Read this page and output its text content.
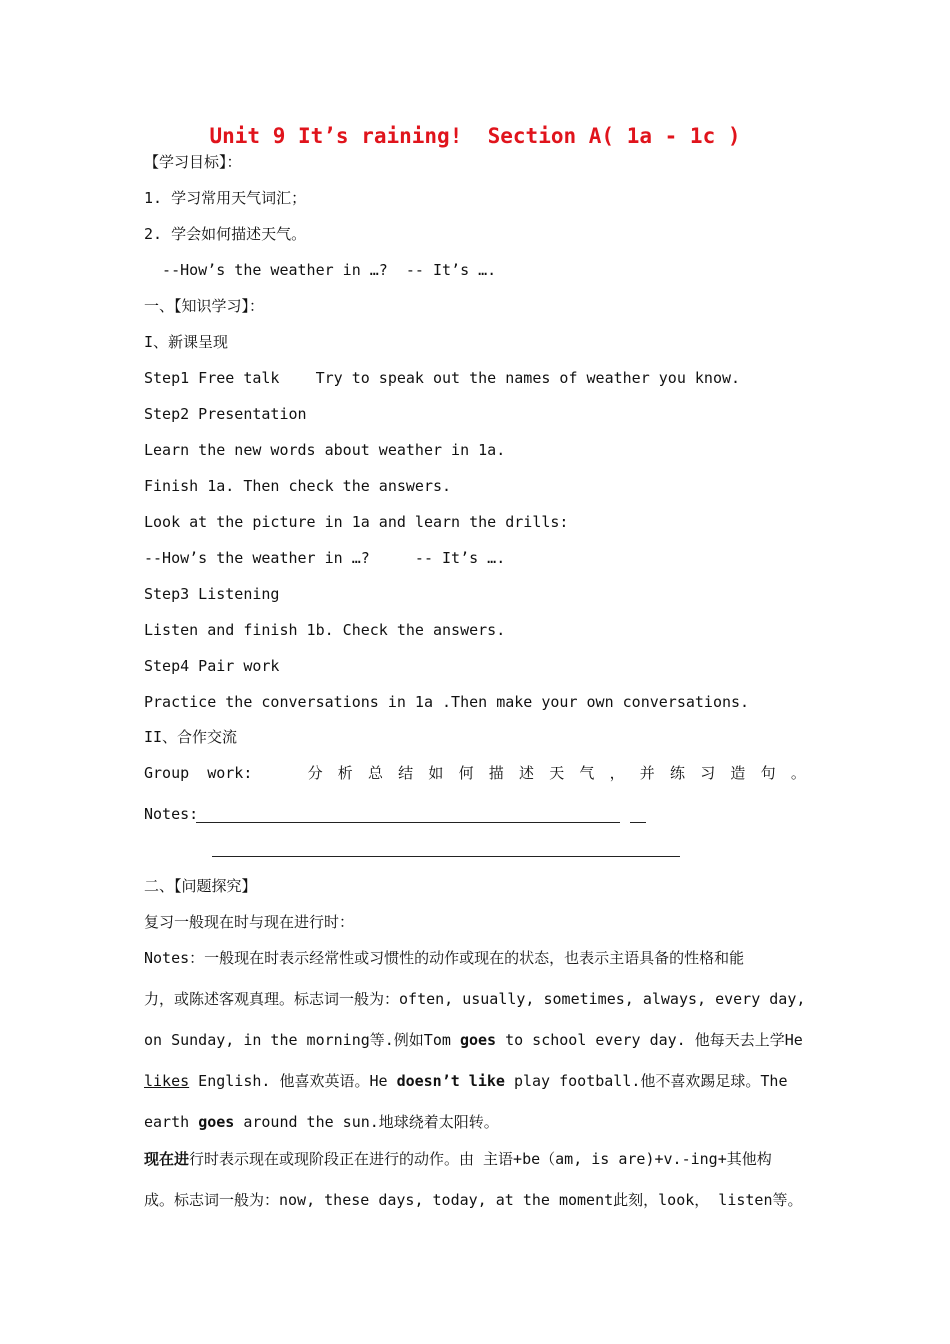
Unit 9 It’s raining!  Section A( 1a - 1c )
【学习目标】：
1. 学习常用天气词汇；
2. 学会如何描述天气。
--How’s the weather in …?  -- It’s ….
一、【知识学习】：
I、新课呈现
Step1 Free talk    Try to speak out the names of weather you know.
Step2 Presentation
Learn the new words about weather in 1a.
Finish 1a. Then check the answers.
Look at the picture in 1a and learn the drills:
--How’s the weather in …?     -- It’s ….
Step3 Listening
Listen and finish 1b. Check the answers.
Step4 Pair work
Practice the conversations in 1a .Then make your own conversations.
II、合作交流
Group  work:	分 析 总 结 如 何 描 述 天 气 ， 并 练 习 造 句 。
Notes:
二、【问题探究】
复习一般现在时与现在进行时：
Notes：一般现在时表示经常性或习惯性的动作或现在的状态，也表示主语具备的性格和能
力，或陈述客观真理。标志词一般为：often, usually, sometimes, always, every day,
on Sunday, in the morning等.例如Tom goes to school every day. 他每天去上学He
likes English. 他喜欢英语。He doesn’t like play football.他不喜欢踢足球。The
earth goes around the sun.地球绕着太阳转。
现在进行时表示现在或现阶段正在进行的动作。由 主语+be（am, is are)+v.-ing+其他构
成。标志词一般为：now, these days, today, at the moment此刻，look， listen等。
